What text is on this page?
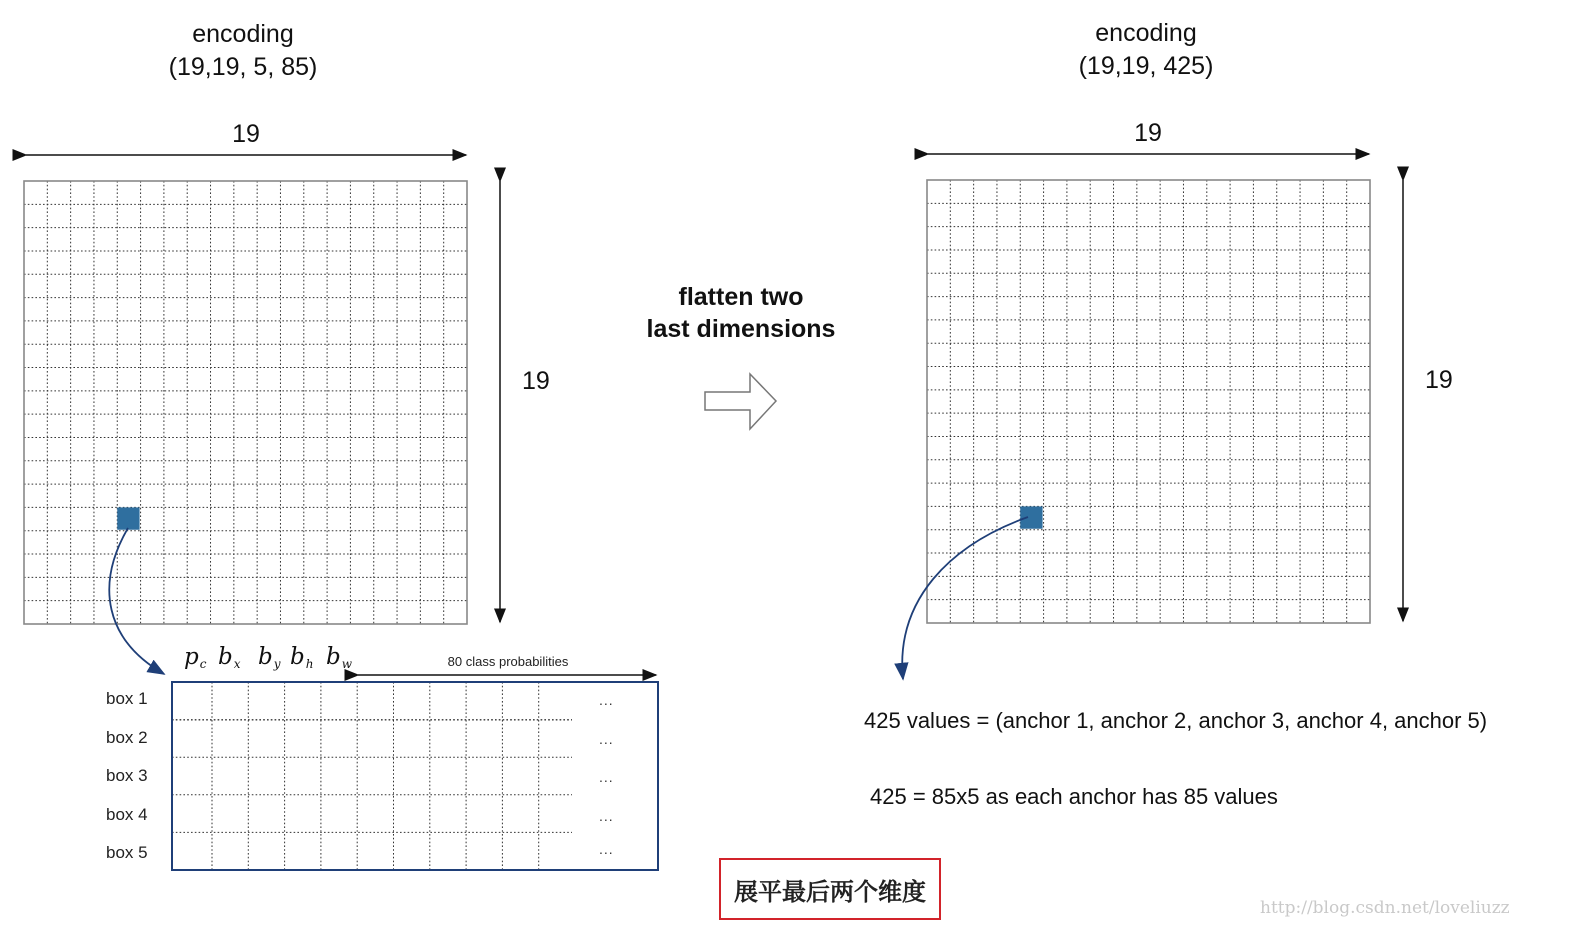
encoding
(19,19, 5, 85)
encoding
(19,19, 425)
19
19
19
19
flatten two
last dimensions
$p_c$ $b_x$ $b_y$ $b_h$ $b_w$	80 class probabilities
box 1
box 2
box 3
box 4
box 5
...
...
...
...
...
425 values = (anchor 1, anchor 2, anchor 3, anchor 4, anchor 5)
425 = 85x5 as each anchor has 85 values
展平最后两个维度
http://blog.csdn.net/loveliuzz
